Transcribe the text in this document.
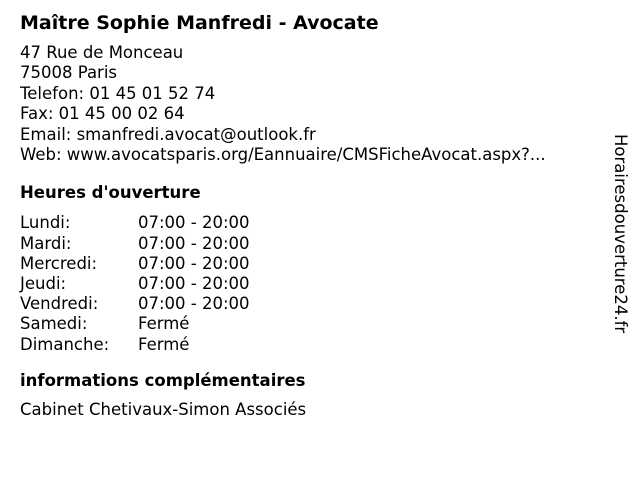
Maître Sophie Manfredi - Avocate
47 Rue de Monceau
75008 Paris
Telefon: 01 45 01 52 74
Fax: 01 45 00 02 64
Email: smanfredi.avocat@outlook.fr
Web: www.avocatsparis.org/Eannuaire/CMSFicheAvocat.aspx?...
Heures d'ouverture
Lundi:	07:00 - 20:00
Mardi:	07:00 - 20:00
Mercredi:	07:00 - 20:00
Jeudi:	07:00 - 20:00
Vendredi:	07:00 - 20:00
Samedi:	Fermé
Dimanche:	Fermé
informations complémentaires
Cabinet Chetivaux-Simon Associés
Horairesdouverture24.fr
